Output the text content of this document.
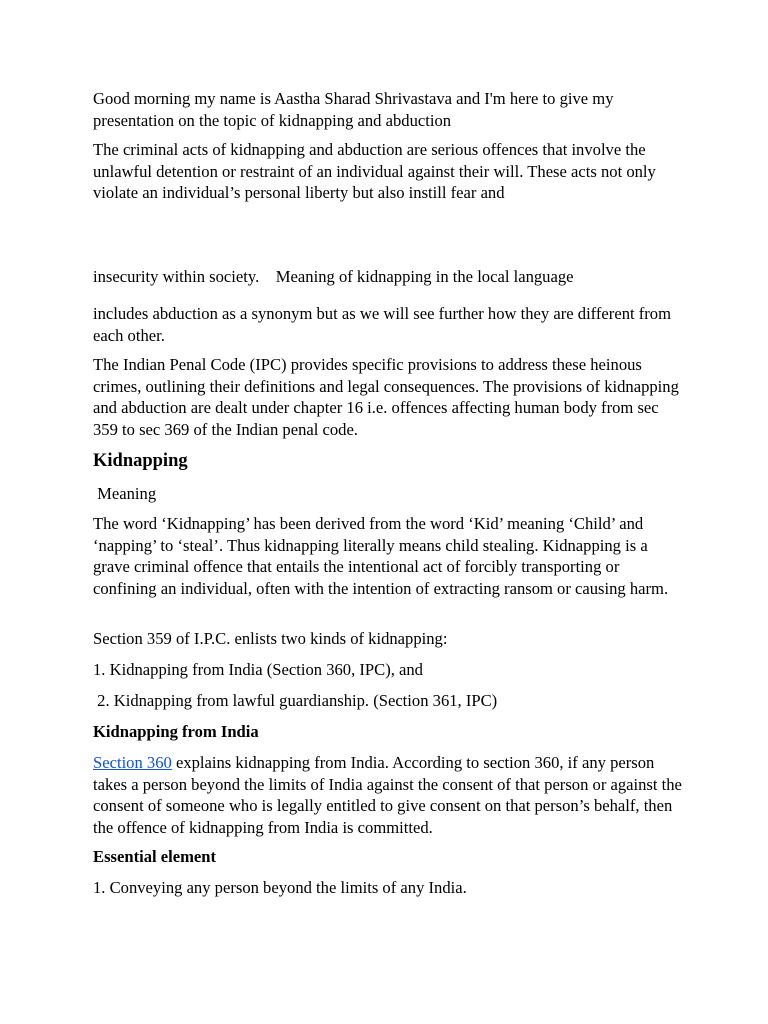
Good morning my name is Aastha Sharad Shrivastava and I'm here to give my presentation on the topic of kidnapping and abduction

The criminal acts of kidnapping and abduction are serious offences that involve the unlawful detention or restraint of an individual against their will. These acts not only violate an individual’s personal liberty but also instill fear and

insecurity within society.    Meaning of kidnapping in the local language

includes abduction as a synonym but as we will see further how they are different from each other.

The Indian Penal Code (IPC) provides specific provisions to address these heinous crimes, outlining their definitions and legal consequences. The provisions of kidnapping and abduction are dealt under chapter 16 i.e. offences affecting human body from sec 359 to sec 369 of the Indian penal code.

Kidnapping

Meaning

The word ‘Kidnapping’ has been derived from the word ‘Kid’ meaning ‘Child’ and ‘napping’ to ‘steal’. Thus kidnapping literally means child stealing. Kidnapping is a grave criminal offence that entails the intentional act of forcibly transporting or confining an individual, often with the intention of extracting ransom or causing harm.

Section 359 of I.P.C. enlists two kinds of kidnapping:

1. Kidnapping from India (Section 360, IPC), and

2. Kidnapping from lawful guardianship. (Section 361, IPC)

Kidnapping from India

Section 360 explains kidnapping from India. According to section 360, if any person takes a person beyond the limits of India against the consent of that person or against the consent of someone who is legally entitled to give consent on that person’s behalf, then the offence of kidnapping from India is committed.

Essential element

1. Conveying any person beyond the limits of any India.
